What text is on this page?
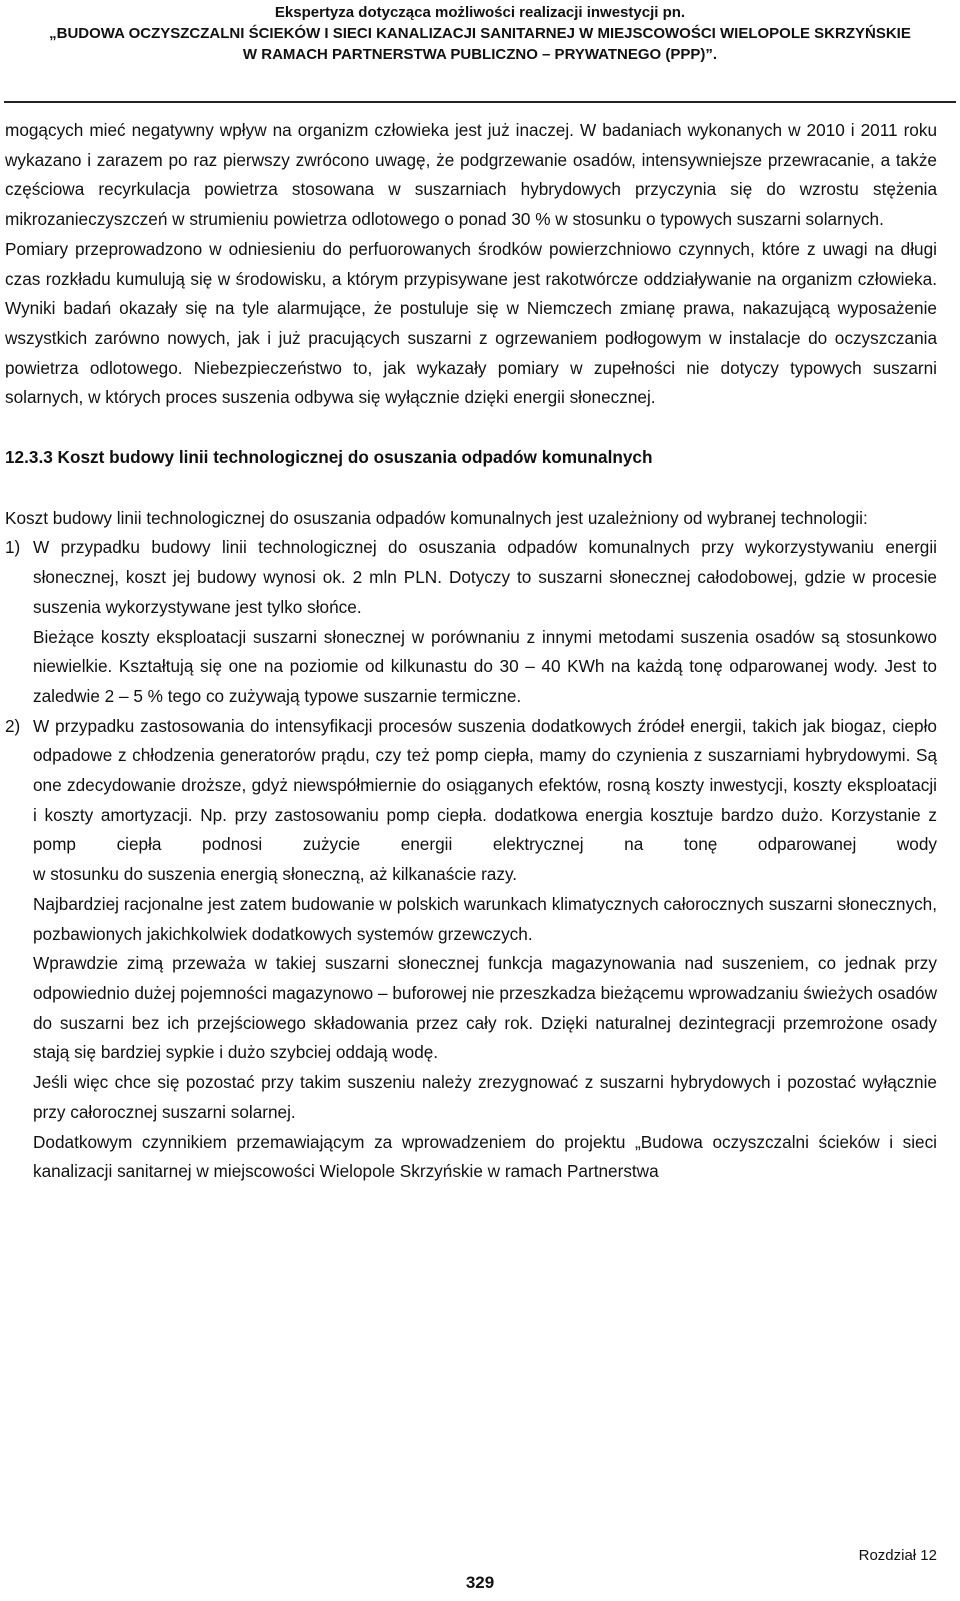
Ekspertyza dotycząca możliwości realizacji inwestycji pn.
„BUDOWA OCZYSZCZALNI ŚCIEKÓW I SIECI KANALIZACJI SANITARNEJ W MIEJSCOWOŚCI WIELOPOLE SKRZYŃSKIE
W RAMACH PARTNERSTWA PUBLICZNO – PRYWATNEGO (PPP)”.

mogących mieć negatywny wpływ na organizm człowieka jest już inaczej. W badaniach wykonanych w 2010 i 2011 roku wykazano i zarazem po raz pierwszy zwrócono uwagę, że podgrzewanie osadów, intensywniejsze przewracanie, a także częściowa recyrkulacja powietrza stosowana w suszarniach hybrydowych przyczynia się do wzrostu stężenia mikrozanieczyszczeń w strumieniu powietrza odlotowego o ponad 30 % w stosunku o typowych suszarni solarnych.

Pomiary przeprowadzono w odniesieniu do perfuorowanych środków powierzchniowo czynnych, które z uwagi na długi czas rozkładu kumulują się w środowisku, a którym przypisywane jest rakotwórcze oddziaływanie na organizm człowieka. Wyniki badań okazały się na tyle alarmujące, że postuluje się w Niemczech zmianę prawa, nakazującą wyposażenie wszystkich zarówno nowych, jak i już pracujących suszarni z ogrzewaniem podłogowym w instalacje do oczyszczania powietrza odlotowego. Niebezpieczeństwo to, jak wykazały pomiary w zupełności nie dotyczy typowych suszarni solarnych, w których proces suszenia odbywa się wyłącznie dzięki energii słonecznej.

12.3.3 Koszt budowy linii technologicznej do osuszania odpadów komunalnych

Koszt budowy linii technologicznej do osuszania odpadów komunalnych jest uzależniony od wybranej technologii:

1) W przypadku budowy linii technologicznej do osuszania odpadów komunalnych przy wykorzystywaniu energii słonecznej, koszt jej budowy wynosi ok. 2 mln PLN. Dotyczy to suszarni słonecznej całodobowej, gdzie w procesie suszenia wykorzystywane jest tylko słońce.

Bieżące koszty eksploatacji suszarni słonecznej w porównaniu z innymi metodami suszenia osadów są stosunkowo niewielkie. Kształtują się one na poziomie od kilkunastu do 30 – 40 KWh na każdą tonę odparowanej wody. Jest to zaledwie 2 – 5 % tego co zużywają typowe suszarnie termiczne.

2) W przypadku zastosowania do intensyfikacji procesów suszenia dodatkowych źródeł energii, takich jak biogaz, ciepło odpadowe z chłodzenia generatorów prądu, czy też pomp ciepła, mamy do czynienia z suszarniami hybrydowymi. Są one zdecydowanie droższe, gdyż niewspółmiernie do osiąganych efektów, rosną koszty inwestycji, koszty eksploatacji i koszty amortyzacji. Np. przy zastosowaniu pomp ciepła. dodatkowa energia kosztuje bardzo dużo. Korzystanie z pomp ciepła podnosi zużycie energii elektrycznej na tonę odparowanej wody

w stosunku do suszenia energią słoneczną, aż kilkanaście razy.

Najbardziej racjonalne jest zatem budowanie w polskich warunkach klimatycznych całorocznych suszarni słonecznych, pozbawionych jakichkolwiek dodatkowych systemów grzewczych.

Wprawdzie zimą przeważa w takiej suszarni słonecznej funkcja magazynowania nad suszeniem, co jednak przy odpowiednio dużej pojemności magazynowo – buforowej nie przeszkadza bieżącemu wprowadzaniu świeżych osadów do suszarni bez ich przejściowego składowania przez cały rok. Dzięki naturalnej dezintegracji przemrożone osady stają się bardziej sypkie i dużo szybciej oddają wodę.

Jeśli więc chce się pozostać przy takim suszeniu należy zrezygnować z suszarni hybrydowych i pozostać wyłącznie przy całorocznej suszarni solarnej.

Dodatkowym czynnikiem przemawiającym za wprowadzeniem do projektu „Budowa oczyszczalni ścieków i sieci kanalizacji sanitarnej w miejscowości Wielopole Skrzyńskie w ramach Partnerstwa

Rozdział 12
329
